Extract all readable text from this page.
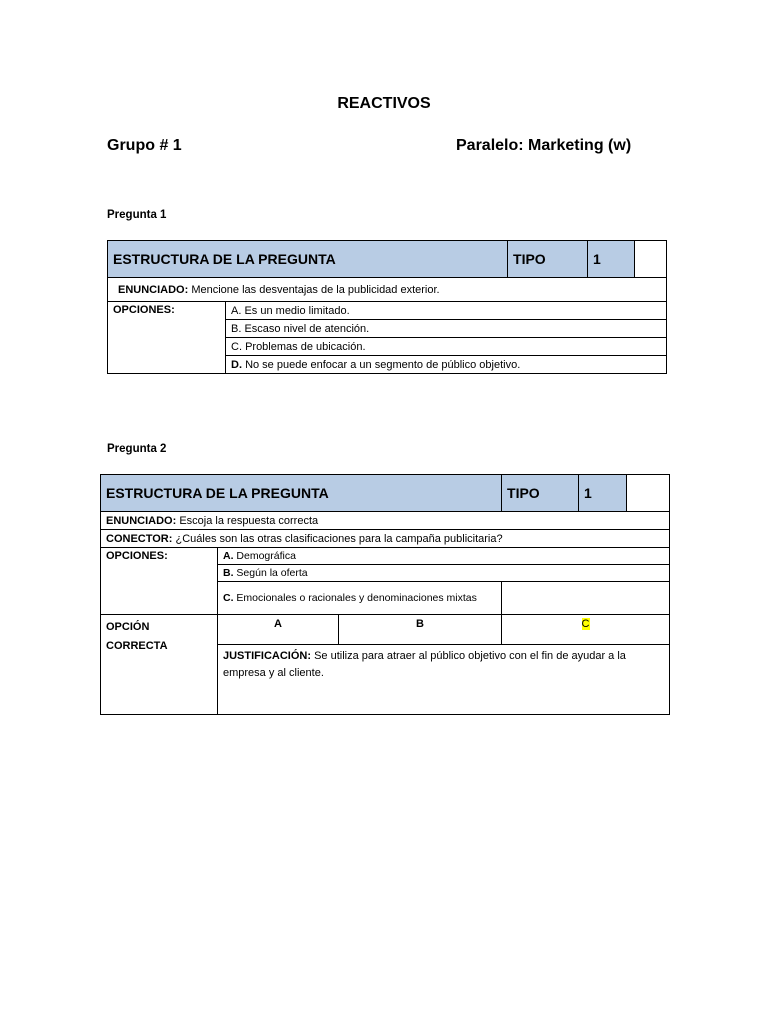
REACTIVOS
Grupo # 1	Paralelo: Marketing (w)
Pregunta 1
ESTRUCTURA DE LA PREGUNTA		TIPO	1	
ENUNCIADO: Mencione las desventajas de la publicidad exterior.				
OPCIONES:	A. Es un medio limitado.			
	B. Escaso nivel de atención.			
	C. Problemas de ubicación.			
	D. No se puede enfocar a un segmento de público objetivo.			
Pregunta 2
ESTRUCTURA DE LA PREGUNTA			TIPO	1	
ENUNCIADO: Escoja la respuesta correcta					
CONECTOR: ¿Cuáles son las otras clasificaciones para la campaña publicitaria?					
OPCIONES:	A. Demográfica				
	B. Según la oferta				
	C. Emocionales o racionales y denominaciones mixtas				
OPCIÓN CORRECTA	A	B	C		
	JUSTIFICACIÓN: Se utiliza para atraer al público objetivo con el fin de ayudar a la empresa y al cliente.				
